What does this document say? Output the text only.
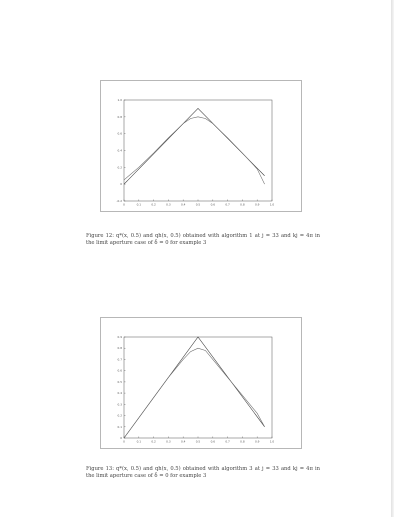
0	0.1	0.2	0.3	0.4	0.5	0.6	0.7	0.8	0.9	1.0
-0.2
0
0.2
0.4
0.6
0.8
1.0
Figure 12: q*(x, 0.5) and qh(x, 0.5) obtained with algorithm 1 at j = 33 and kj = 4π in the limit aperture case of δ = 0 for example 3
0	0.1	0.2	0.3	0.4	0.5	0.6	0.7	0.8	0.9	1.0
0
0.1
0.2
0.3
0.4
0.5
0.6
0.7
0.8
0.9
Figure 13: q*(x, 0.5) and qh(x, 0.5) obtained with algorithm 3 at j = 33 and kj = 4π in the limit aperture case of δ = 0 for example 3
